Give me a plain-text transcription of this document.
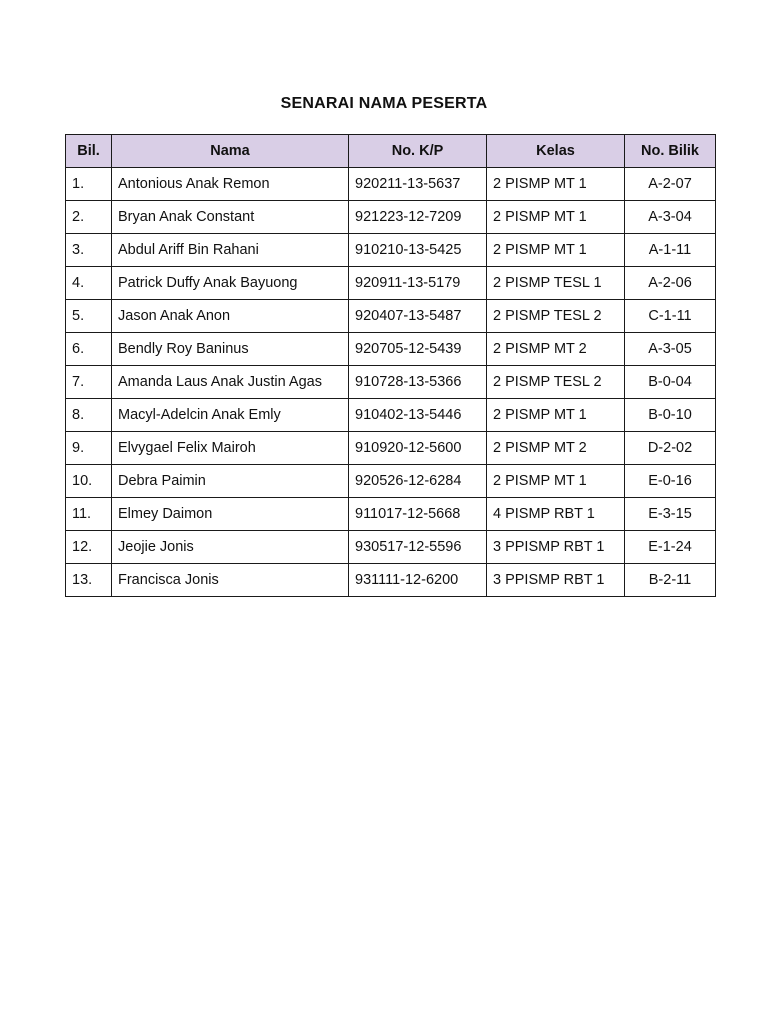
SENARAI NAMA PESERTA
Bil.	Nama	No. K/P	Kelas	No. Bilik
1.	Antonious Anak Remon	920211-13-5637	2 PISMP MT 1	A-2-07
2.	Bryan Anak Constant	921223-12-7209	2 PISMP MT 1	A-3-04
3.	Abdul Ariff Bin Rahani	910210-13-5425	2 PISMP MT 1	A-1-11
4.	Patrick Duffy Anak Bayuong	920911-13-5179	2 PISMP TESL 1	A-2-06
5.	Jason Anak Anon	920407-13-5487	2 PISMP TESL 2	C-1-11
6.	Bendly Roy Baninus	920705-12-5439	2 PISMP MT 2	A-3-05
7.	Amanda Laus Anak Justin Agas	910728-13-5366	2 PISMP TESL 2	B-0-04
8.	Macyl-Adelcin Anak Emly	910402-13-5446	2 PISMP MT 1	B-0-10
9.	Elvygael Felix Mairoh	910920-12-5600	2 PISMP MT 2	D-2-02
10.	Debra Paimin	920526-12-6284	2 PISMP MT 1	E-0-16
11.	Elmey Daimon	911017-12-5668	4 PISMP RBT 1	E-3-15
12.	Jeojie Jonis	930517-12-5596	3 PPISMP RBT 1	E-1-24
13.	Francisca Jonis	931111-12-6200	3 PPISMP RBT 1	B-2-11
